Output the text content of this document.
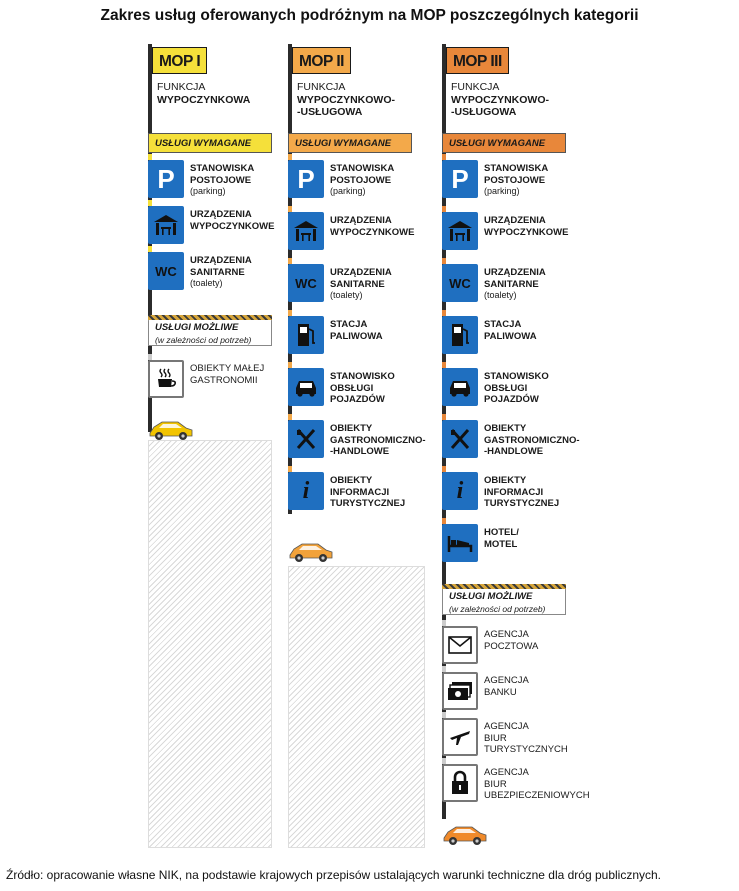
Zakres usług oferowanych podróżnym na MOP poszczególnych kategorii
MOP I
FUNKCJA
WYPOCZYNKOWA
USŁUGI WYMAGANE
P STANOWISKA
POSTOJOWE
(parking)
URZĄDZENIA
WYPOCZYNKOWE
WC
URZĄDZENIA
SANITARNE
(toalety)
USŁUGI MOŻLIWE
(w zależności od potrzeb)
OBIEKTY MAŁEJ
GASTRONOMII
MOP II
FUNKCJA
WYPOCZYNKOWO-
-USŁUGOWA
USŁUGI WYMAGANE
P STANOWISKA
POSTOJOWE
(parking)
URZĄDZENIA
WYPOCZYNKOWE
WC
URZĄDZENIA
SANITARNE
(toalety)
STACJA
PALIWOWA
STANOWISKO
OBSŁUGI
POJAZDÓW
OBIEKTY
GASTRONOMICZNO-
-HANDLOWE
i OBIEKTY
INFORMACJI
TURYSTYCZNEJ
MOP III
FUNKCJA
WYPOCZYNKOWO-
-USŁUGOWA
USŁUGI WYMAGANE
P STANOWISKA
POSTOJOWE
(parking)
URZĄDZENIA
WYPOCZYNKOWE
WC
URZĄDZENIA
SANITARNE
(toalety)
STACJA
PALIWOWA
STANOWISKO
OBSŁUGI
POJAZDÓW
OBIEKTY
GASTRONOMICZNO-
-HANDLOWE
i OBIEKTY
INFORMACJI
TURYSTYCZNEJ
HOTEL/
MOTEL
USŁUGI MOŻLIWE
(w zależności od potrzeb)
AGENCJA
POCZTOWA
AGENCJA
BANKU
AGENCJA
BIUR
TURYSTYCZNYCH
AGENCJA
BIUR
UBEZPIECZENIOWYCH
Źródło: opracowanie własne NIK, na podstawie krajowych przepisów ustalających warunki techniczne dla dróg publicznych.
